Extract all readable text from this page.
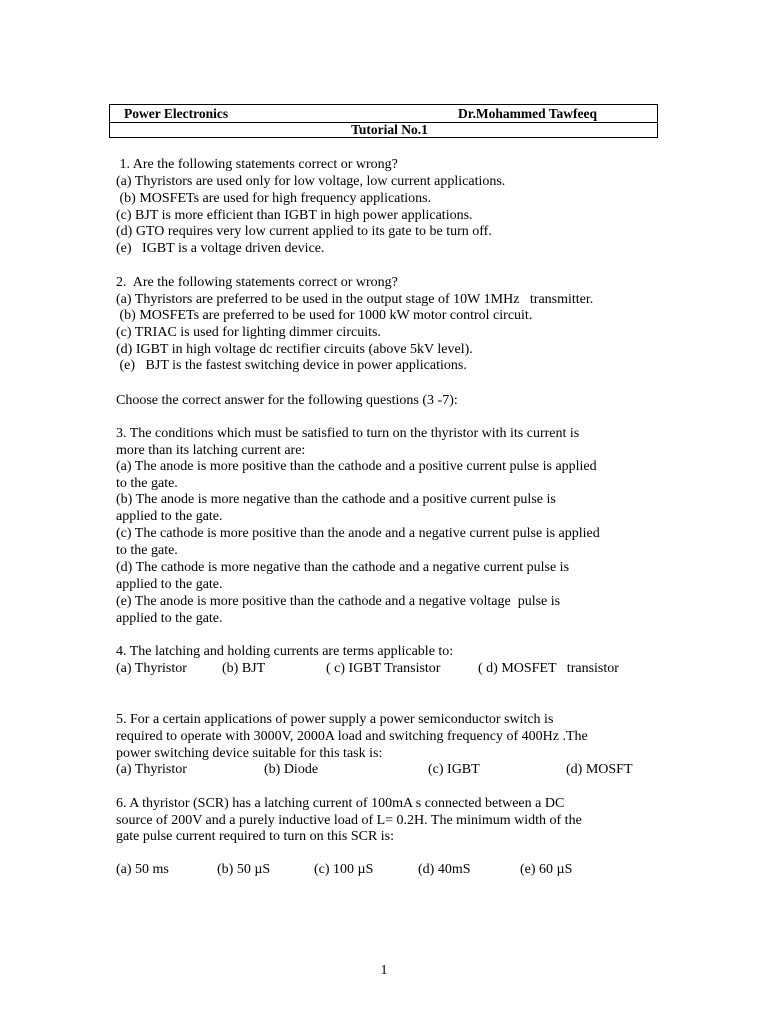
Power Electronics	Dr.Mohammed Tawfeeq
Tutorial No.1
1. Are the following statements correct or wrong?
(a) Thyristors are used only for low voltage, low current applications.
(b) MOSFETs are used for high frequency applications.
(c) BJT is more efficient than IGBT in high power applications.
(d) GTO requires very low current applied to its gate to be turn off.
(e)   IGBT is a voltage driven device.
2.  Are the following statements correct or wrong?
(a) Thyristors are preferred to be used in the output stage of 10W 1MHz   transmitter.
(b) MOSFETs are preferred to be used for 1000 kW motor control circuit.
(c) TRIAC is used for lighting dimmer circuits.
(d) IGBT in high voltage dc rectifier circuits (above 5kV level).
(e)   BJT is the fastest switching device in power applications.
Choose the correct answer for the following questions (3 -7):
3. The conditions which must be satisfied to turn on the thyristor with its current is
more than its latching current are:
(a) The anode is more positive than the cathode and a positive current pulse is applied
to the gate.
(b) The anode is more negative than the cathode and a positive current pulse is
applied to the gate.
(c) The cathode is more positive than the anode and a negative current pulse is applied
to the gate.
(d) The cathode is more negative than the cathode and a negative current pulse is
applied to the gate.
(e) The anode is more positive than the cathode and a negative voltage  pulse is
applied to the gate.
4. The latching and holding currents are terms applicable to:

(a) Thyristor

	(b) BJT

	( c) IGBT Transistor

	( d) MOSFET   transistor

5. For a certain applications of power supply a power semiconductor switch is
required to operate with 3000V, 2000A load and switching frequency of 400Hz .The
power switching device suitable for this task is:

(a) Thyristor

	(b) Diode

	(c) IGBT

	(d) MOSFT

6. A thyristor (SCR) has a latching current of 100mA s connected between a DC
source of 200V and a purely inductive load of L= 0.2H. The minimum width of the
gate pulse current required to turn on this SCR is:

(a) 50 ms

	(b) 50 µS

	(c) 100 µS

	(d) 40mS

	(e) 60 µS

1
